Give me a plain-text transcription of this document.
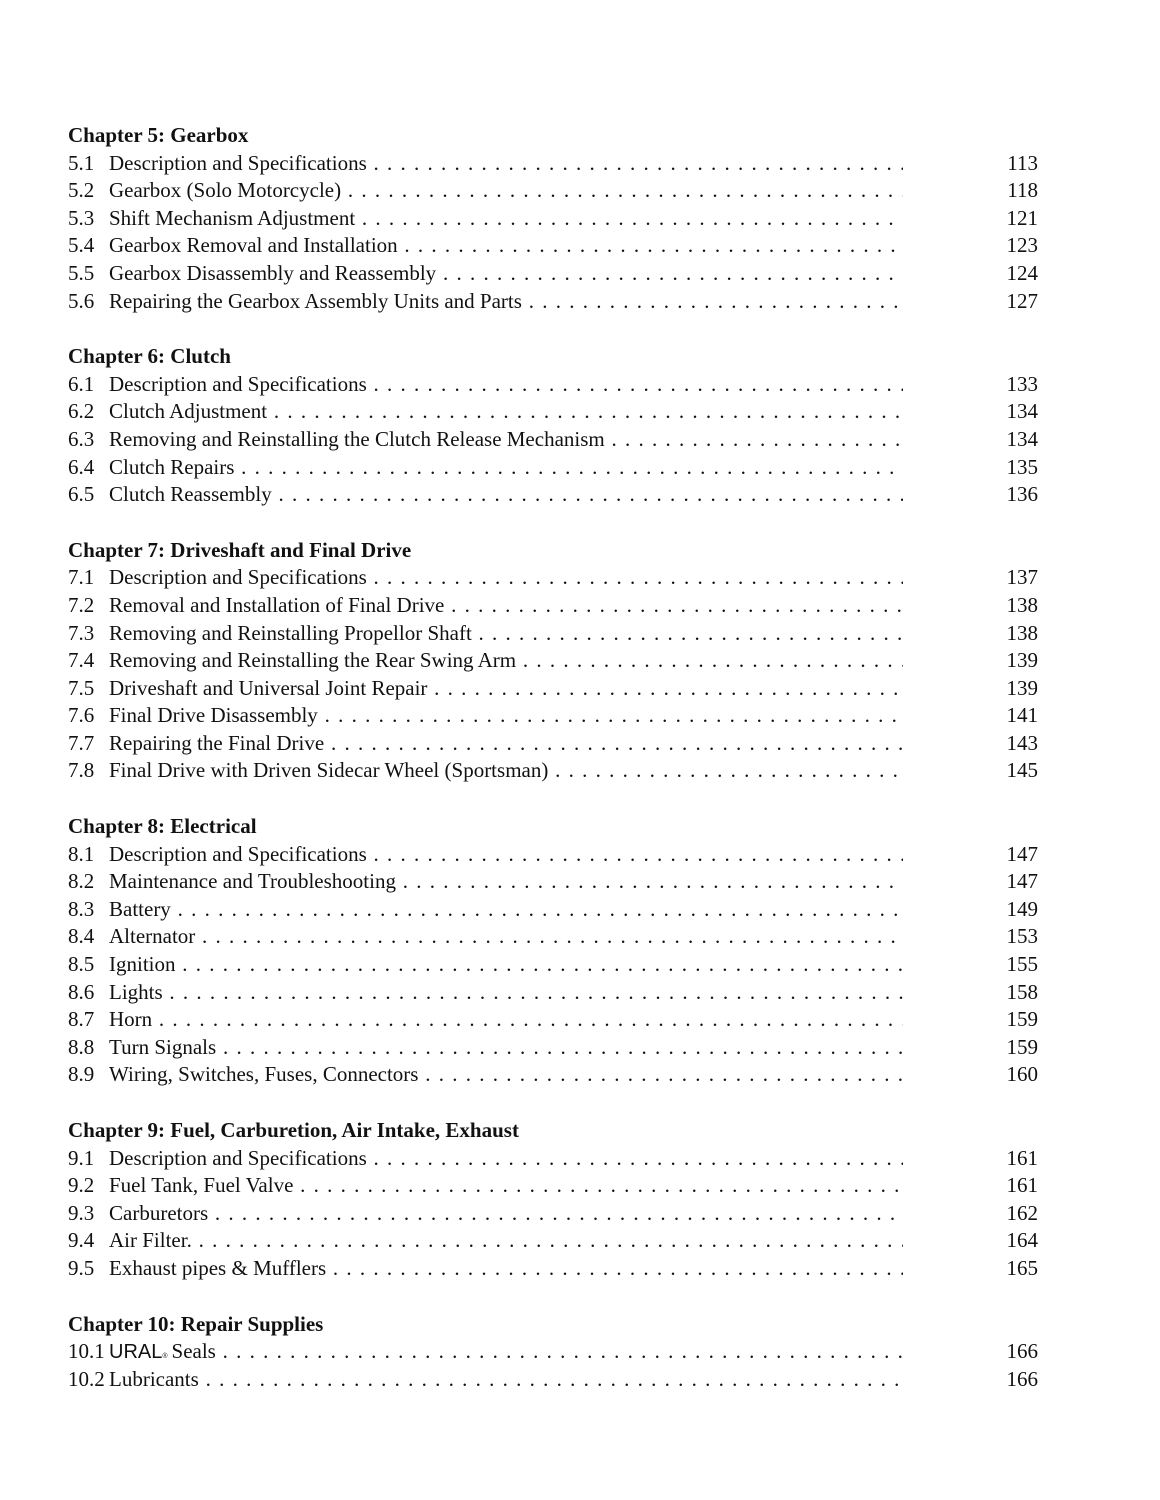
Chapter 5: Gearbox
5.1 Description and Specifications . . .	113
5.2 Gearbox (Solo Motorcycle) . . .	118
5.3 Shift Mechanism Adjustment . . .	121
5.4 Gearbox Removal and Installation . . .	123
5.5 Gearbox Disassembly and Reassembly . . .	124
5.6 Repairing the Gearbox Assembly Units and Parts . . .	127
Chapter 6: Clutch
6.1 Description and Specifications . . .	133
6.2 Clutch Adjustment . . .	134
6.3 Removing and Reinstalling the Clutch Release Mechanism . . .	134
6.4 Clutch Repairs . . .	135
6.5 Clutch Reassembly . . .	136
Chapter 7: Driveshaft and Final Drive
7.1 Description and Specifications . . .	137
7.2 Removal and Installation of Final Drive . . .	138
7.3 Removing and Reinstalling Propellor Shaft . . .	138
7.4 Removing and Reinstalling the Rear Swing Arm . . .	139
7.5 Driveshaft and Universal Joint Repair . . .	139
7.6 Final Drive Disassembly . . .	141
7.7 Repairing the Final Drive . . .	143
7.8 Final Drive with Driven Sidecar Wheel (Sportsman) . . .	145
Chapter 8: Electrical
8.1 Description and Specifications . . .	147
8.2 Maintenance and Troubleshooting . . .	147
8.3 Battery . . .	149
8.4 Alternator . . .	153
8.5 Ignition . . .	155
8.6 Lights . . .	158
8.7 Horn . . .	159
8.8 Turn Signals . . .	159
8.9 Wiring, Switches, Fuses, Connectors . . .	160
Chapter 9: Fuel, Carburetion, Air Intake, Exhaust
9.1 Description and Specifications . . .	161
9.2 Fuel Tank, Fuel Valve . . .	161
9.3 Carburetors . . .	162
9.4 Air Filter. . . .	164
9.5 Exhaust pipes & Mufflers . . .	165
Chapter 10: Repair Supplies
10.1 URAL® Seals . . .	166
10.2 Lubricants . . .	166
